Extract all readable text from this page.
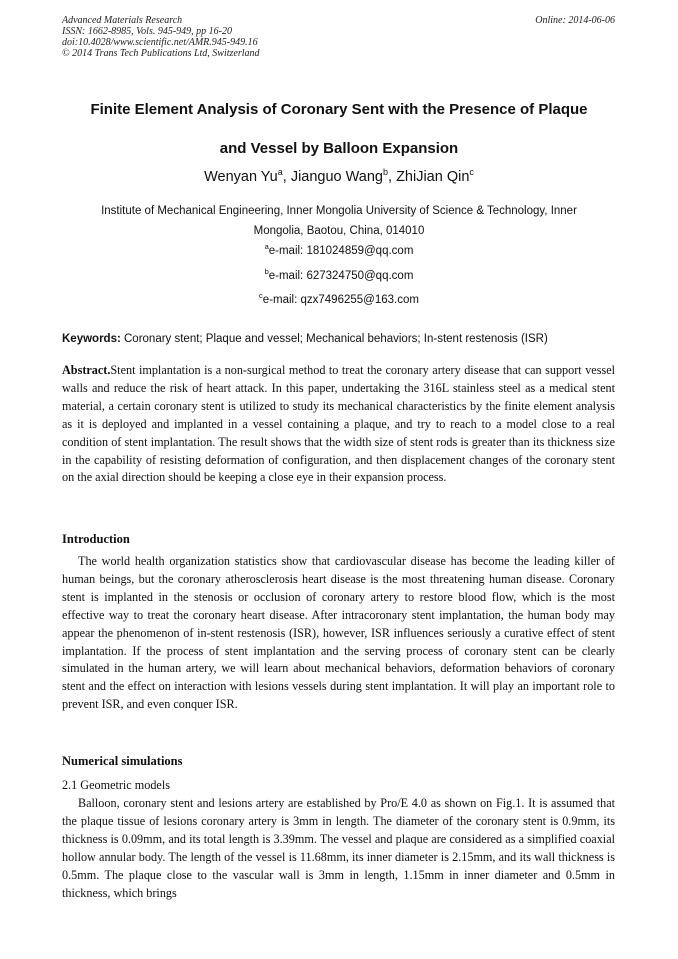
Advanced Materials Research
ISSN: 1662-8985, Vols. 945-949, pp 16-20
doi:10.4028/www.scientific.net/AMR.945-949.16
© 2014 Trans Tech Publications Ltd, Switzerland
Online: 2014-06-06
Finite Element Analysis of Coronary Sent with the Presence of Plaque
and Vessel by Balloon Expansion
Wenyan Yu$^a$, Jianguo Wang$^b$, ZhiJian Qin$^c$
Institute of Mechanical Engineering, Inner Mongolia University of Science & Technology, Inner
Mongolia, Baotou, China, 014010
$^a$e-mail: 181024859@qq.com
$^b$e-mail: 627324750@qq.com
$^c$e-mail: qzx7496255@163.com
Keywords: Coronary stent; Plaque and vessel; Mechanical behaviors; In-stent restenosis (ISR)
Abstract.Stent implantation is a non-surgical method to treat the coronary artery disease that can support vessel walls and reduce the risk of heart attack. In this paper, undertaking the 316L stainless steel as a medical stent material, a certain coronary stent is utilized to study its mechanical characteristics by the finite element analysis as it is deployed and implanted in a vessel containing a plaque, and try to reach to a model close to a real condition of stent implantation. The result shows that the width size of stent rods is greater than its thickness size in the capability of resisting deformation of configuration, and then displacement changes of the coronary stent on the axial direction should be keeping a close eye in their expansion process.
Introduction
The world health organization statistics show that cardiovascular disease has become the leading killer of human beings, but the coronary atherosclerosis heart disease is the most threatening human disease. Coronary stent is implanted in the stenosis or occlusion of coronary artery to restore blood flow, which is the most effective way to treat the coronary heart disease. After intracoronary stent implantation, the human body may appear the phenomenon of in-stent restenosis (ISR), however, ISR influences seriously a curative effect of stent implantation. If the process of stent implantation and the serving process of coronary stent can be clearly simulated in the human artery, we will learn about mechanical behaviors, deformation behaviors of coronary stent and the effect on interaction with lesions vessels during stent implantation. It will play an important role to prevent ISR, and even conquer ISR.
Numerical simulations
2.1 Geometric models
Balloon, coronary stent and lesions artery are established by Pro/E 4.0 as shown on Fig.1. It is assumed that the plaque tissue of lesions coronary artery is 3mm in length. The diameter of the coronary stent is 0.9mm, its thickness is 0.09mm, and its total length is 3.39mm. The vessel and plaque are considered as a simplified coaxial hollow annular body. The length of the vessel is 11.68mm, its inner diameter is 2.15mm, and its wall thickness is 0.5mm. The plaque close to the vascular wall is 3mm in length, 1.15mm in inner diameter and 0.5mm in thickness, which brings
